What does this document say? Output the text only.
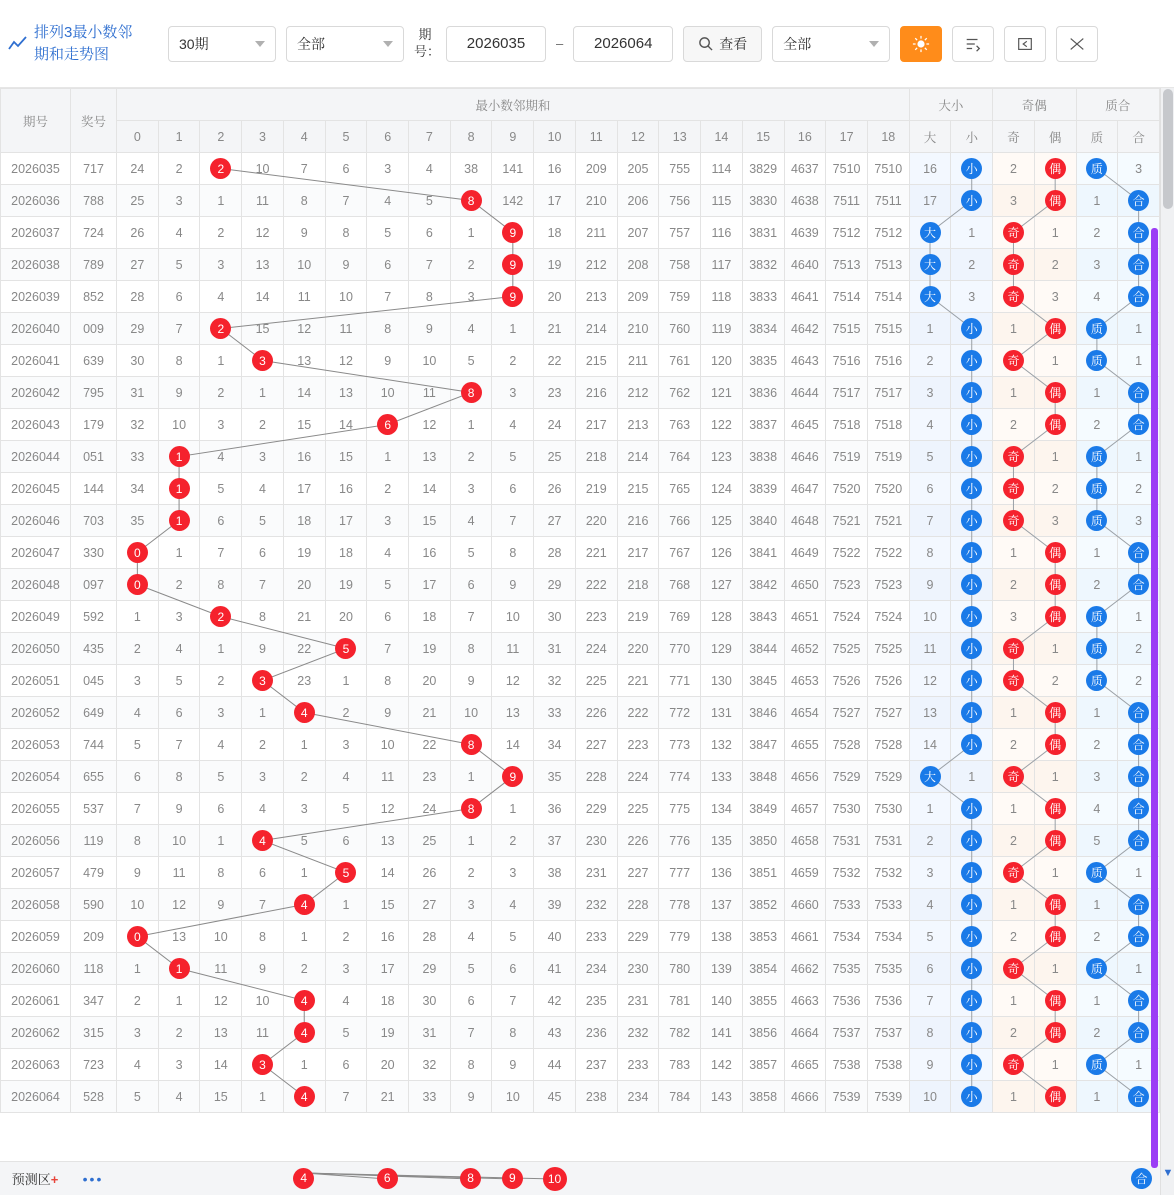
排列3最小数邻
期和走势图
30期	全部
期号：	2026035	–	2026064	查看	全部
期号	奖号	最小数邻期和																			大小		奇偶		质合	
		0	1	2	3	4	5	6	7	8	9	10	11	12	13	14	15	16	17	18	大	小	奇	偶	质	合
2026035	717	24	2	2	10	7	6	3	4	38	141	16	209	205	755	114	3829	4637	7510	7510	16	小	2	偶	质	3
2026036	788	25	3	1	11	8	7	4	5	8	142	17	210	206	756	115	3830	4638	7511	7511	17	小	3	偶	1	合
2026037	724	26	4	2	12	9	8	5	6	1	9	18	211	207	757	116	3831	4639	7512	7512	大	1	奇	1	2	合
2026038	789	27	5	3	13	10	9	6	7	2	9	19	212	208	758	117	3832	4640	7513	7513	大	2	奇	2	3	合
2026039	852	28	6	4	14	11	10	7	8	3	9	20	213	209	759	118	3833	4641	7514	7514	大	3	奇	3	4	合
2026040	009	29	7	2	15	12	11	8	9	4	1	21	214	210	760	119	3834	4642	7515	7515	1	小	1	偶	质	1
2026041	639	30	8	1	3	13	12	9	10	5	2	22	215	211	761	120	3835	4643	7516	7516	2	小	奇	1	质	1
2026042	795	31	9	2	1	14	13	10	11	8	3	23	216	212	762	121	3836	4644	7517	7517	3	小	1	偶	1	合
2026043	179	32	10	3	2	15	14	6	12	1	4	24	217	213	763	122	3837	4645	7518	7518	4	小	2	偶	2	合
2026044	051	33	1	4	3	16	15	1	13	2	5	25	218	214	764	123	3838	4646	7519	7519	5	小	奇	1	质	1
2026045	144	34	1	5	4	17	16	2	14	3	6	26	219	215	765	124	3839	4647	7520	7520	6	小	奇	2	质	2
2026046	703	35	1	6	5	18	17	3	15	4	7	27	220	216	766	125	3840	4648	7521	7521	7	小	奇	3	质	3
2026047	330	0	1	7	6	19	18	4	16	5	8	28	221	217	767	126	3841	4649	7522	7522	8	小	1	偶	1	合
2026048	097	0	2	8	7	20	19	5	17	6	9	29	222	218	768	127	3842	4650	7523	7523	9	小	2	偶	2	合
2026049	592	1	3	2	8	21	20	6	18	7	10	30	223	219	769	128	3843	4651	7524	7524	10	小	3	偶	质	1
2026050	435	2	4	1	9	22	5	7	19	8	11	31	224	220	770	129	3844	4652	7525	7525	11	小	奇	1	质	2
2026051	045	3	5	2	3	23	1	8	20	9	12	32	225	221	771	130	3845	4653	7526	7526	12	小	奇	2	质	2
2026052	649	4	6	3	1	4	2	9	21	10	13	33	226	222	772	131	3846	4654	7527	7527	13	小	1	偶	1	合
2026053	744	5	7	4	2	1	3	10	22	8	14	34	227	223	773	132	3847	4655	7528	7528	14	小	2	偶	2	合
2026054	655	6	8	5	3	2	4	11	23	1	9	35	228	224	774	133	3848	4656	7529	7529	大	1	奇	1	3	合
2026055	537	7	9	6	4	3	5	12	24	8	1	36	229	225	775	134	3849	4657	7530	7530	1	小	1	偶	4	合
2026056	119	8	10	1	4	5	6	13	25	1	2	37	230	226	776	135	3850	4658	7531	7531	2	小	2	偶	5	合
2026057	479	9	11	8	6	1	5	14	26	2	3	38	231	227	777	136	3851	4659	7532	7532	3	小	奇	1	质	1
2026058	590	10	12	9	7	4	1	15	27	3	4	39	232	228	778	137	3852	4660	7533	7533	4	小	1	偶	1	合
2026059	209	0	13	10	8	1	2	16	28	4	5	40	233	229	779	138	3853	4661	7534	7534	5	小	2	偶	2	合
2026060	118	1	1	11	9	2	3	17	29	5	6	41	234	230	780	139	3854	4662	7535	7535	6	小	奇	1	质	1
2026061	347	2	1	12	10	4	4	18	30	6	7	42	235	231	781	140	3855	4663	7536	7536	7	小	1	偶	1	合
2026062	315	3	2	13	11	4	5	19	31	7	8	43	236	232	782	141	3856	4664	7537	7537	8	小	2	偶	2	合
2026063	723	4	3	14	3	1	6	20	32	8	9	44	237	233	783	142	3857	4665	7538	7538	9	小	奇	1	质	1
2026064	528	5	4	15	1	4	7	21	33	9	10	45	238	234	784	143	3858	4666	7539	7539	10	小	1	偶	1	合
预测区+	•••	4	6	8	9	10	合	▼
